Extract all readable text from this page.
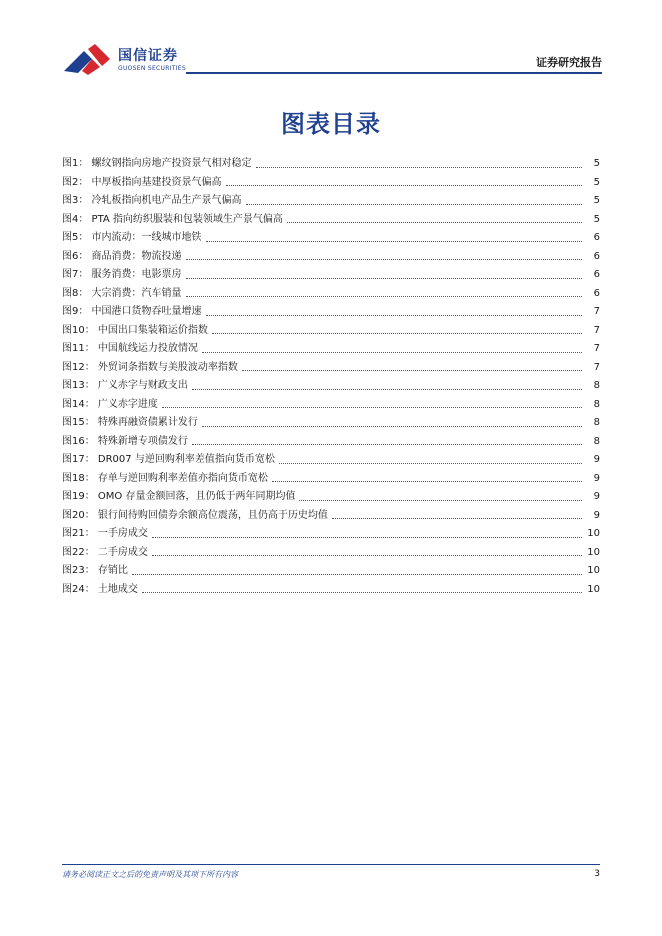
国信证券
GUOSEN SECURITIES	证券研究报告
图表目录
图1： 螺纹钢指向房地产投资景气相对稳定	5
图2： 中厚板指向基建投资景气偏高	5
图3： 冷轧板指向机电产品生产景气偏高	5
图4： PTA 指向纺织服装和包装领域生产景气偏高	5
图5： 市内流动：一线城市地铁	6
图6： 商品消费：物流投递	6
图7： 服务消费：电影票房	6
图8： 大宗消费：汽车销量	6
图9： 中国港口货物吞吐量增速	7
图10： 中国出口集装箱运价指数	7
图11： 中国航线运力投放情况	7
图12： 外贸词条指数与美股波动率指数	7
图13： 广义赤字与财政支出	8
图14： 广义赤字进度	8
图15： 特殊再融资债累计发行	8
图16： 特殊新增专项债发行	8
图17： DR007 与逆回购利率差值指向货币宽松	9
图18： 存单与逆回购利率差值亦指向货币宽松	9
图19： OMO 存量金额回落，且仍低于两年同期均值	9
图20： 银行间待购回债券余额高位震荡，且仍高于历史均值	9
图21： 一手房成交	10
图22： 二手房成交	10
图23： 存销比	10
图24： 土地成交	10
请务必阅读正文之后的免责声明及其项下所有内容	3
